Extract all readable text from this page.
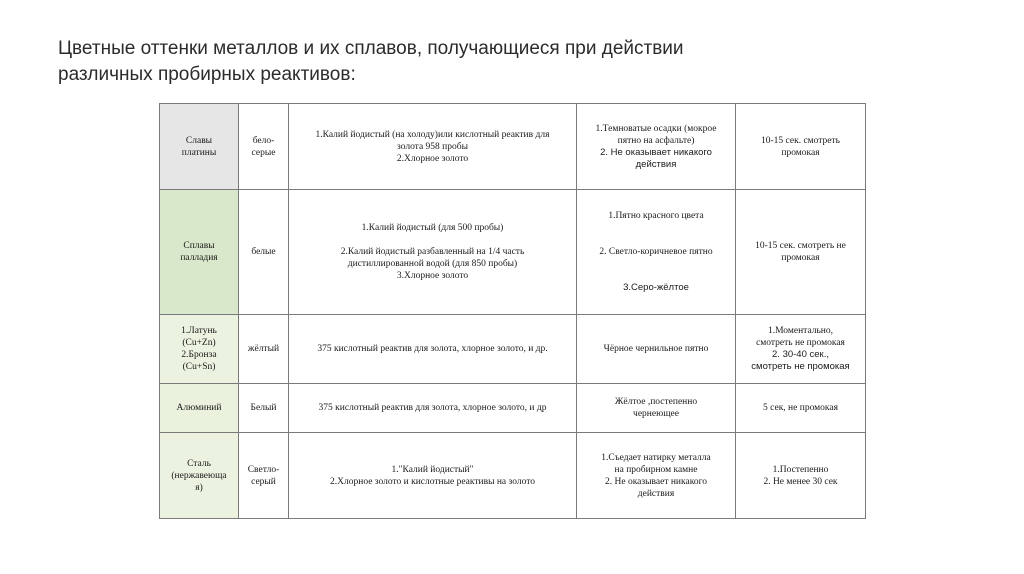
Цветные оттенки металлов и их сплавов, получающиеся при действии
различных пробирных реактивов:
Славы
платины	бело-
серые	1.Калий йодистый (на холоду)или кислотный реактив для
золота 958 пробы
2.Хлорное золото	1.Темноватые осадки (мокрое
пятно на асфальте)
2. Не оказывает никакого
действия	10-15 сек. смотреть
промокая

Сплавы
палладия	белые	1.Калий йодистый (для 500 пробы)
2.Калий йодистый разбавленный на 1/4 часть
дистиллированной водой (для 850 пробы)
3.Хлорное золото	1.Пятно красного цвета
2. Светло-коричневое пятно
3.Серо-жёлтое	10-15 сек. смотреть не
промокая

1.Латунь
(Cu+Zn)
2.Бронза
(Cu+Sn)	жёлтый	375 кислотный реактив для золота, хлорное золото, и др.	Чёрное чернильное пятно	1.Моментально,
смотреть не промокая
2. 30-40 сек.,
смотреть не промокая

Алюминий	Белый	375 кислотный реактив для золота, хлорное золото, и др	Жёлтое ,постепенно
чернеющее	5 сек, не промокая

Сталь
(нержавеюща
я)	Светло-
серый	1."Калий йодистый"
2.Хлорное золото и кислотные реактивы на золото	1.Съедает натирку металла
на пробирном камне
2. Не оказывает никакого
действия	1.Постепенно
2. Не менее 30 сек
